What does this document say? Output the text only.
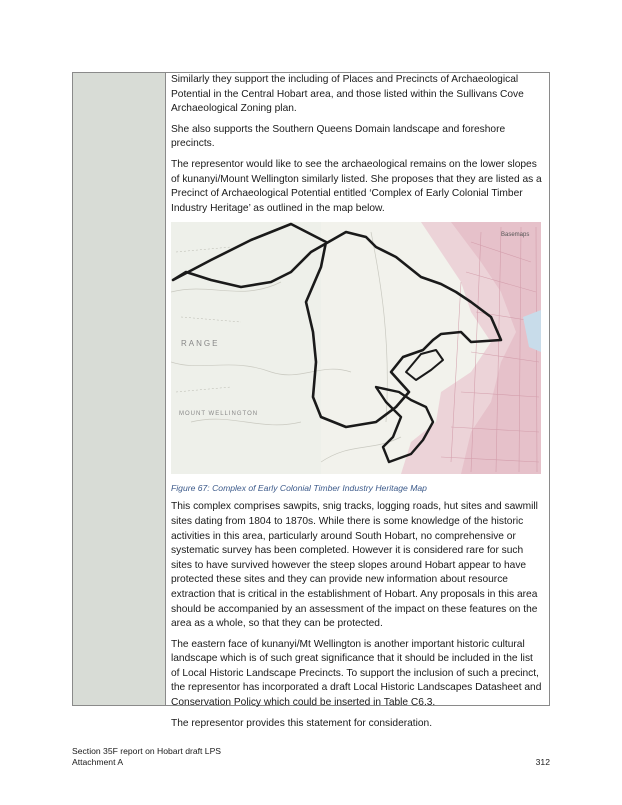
Similarly they support the including of Places and Precincts of Archaeological Potential in the Central Hobart area, and those listed within the Sullivans Cove Archaeological Zoning plan.

She also supports the Southern Queens Domain landscape and foreshore precincts.

The representor would like to see the archaeological remains on the lower slopes of kunanyi/Mount Wellington similarly listed. She proposes that they are listed as a Precinct of Archaeological Potential entitled ‘Complex of Early Colonial Timber Industry Heritage’ as outlined in the map below.

Basemaps
RANGE
MOUNT WELLINGTON

Figure 67: Complex of Early Colonial Timber Industry Heritage Map

This complex comprises sawpits, snig tracks, logging roads, hut sites and sawmill sites dating from 1804 to 1870s. While there is some knowledge of the historic activities in this area, particularly around South Hobart, no comprehensive or systematic survey has been completed. However it is considered rare for such sites to have survived however the steep slopes around Hobart appear to have protected these sites and they can provide new information about resource extraction that is critical in the establishment of Hobart. Any proposals in this area should be accompanied by an assessment of the impact on these features on the area as a whole, so that they can be protected.

The eastern face of kunanyi/Mt Wellington is another important historic cultural landscape which is of such great significance that it should be included in the list of Local Historic Landscape Precincts. To support the inclusion of such a precinct, the representor has incorporated a draft Local Historic Landscapes Datasheet and Conservation Policy which could be inserted in Table C6.3.

The representor provides this statement for consideration.

Section 35F report on Hobart draft LPS
Attachment A	312
